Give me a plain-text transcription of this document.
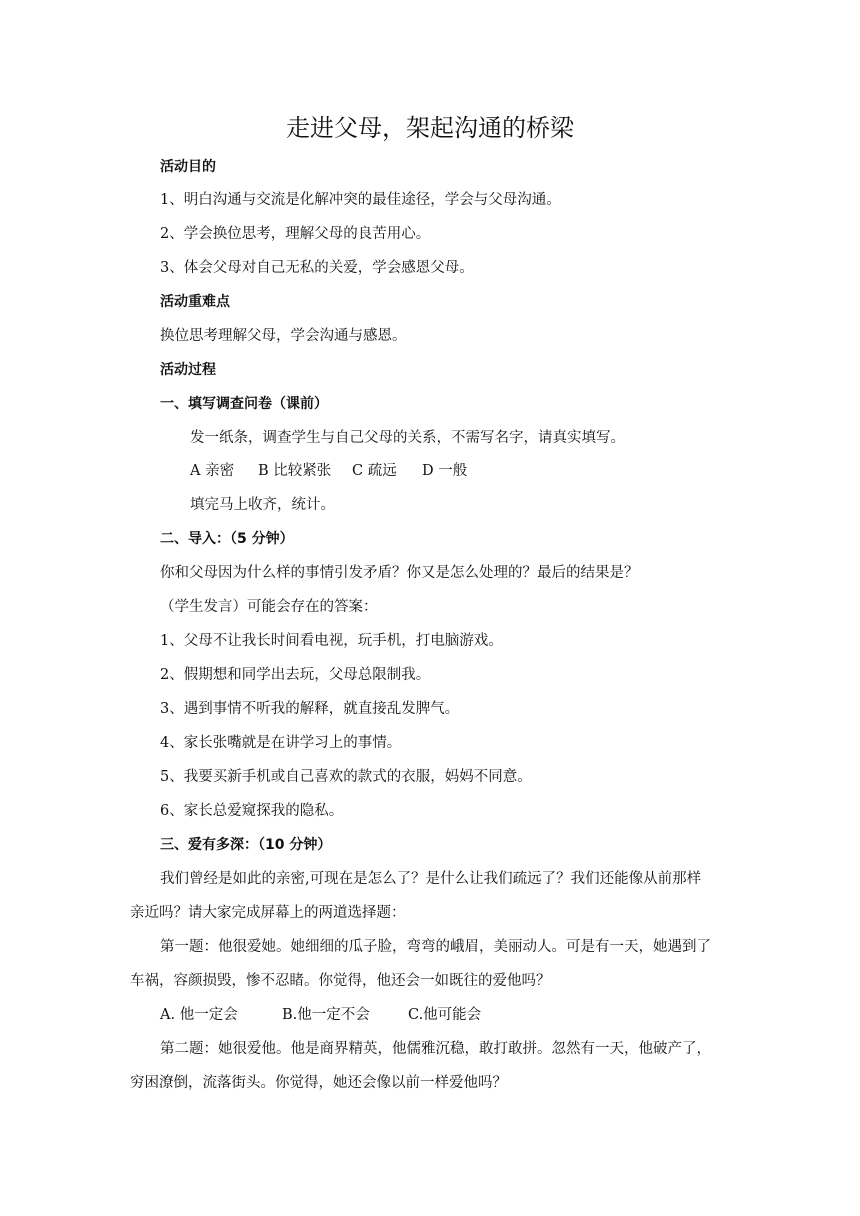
走进父母，架起沟通的桥梁
活动目的
1、明白沟通与交流是化解冲突的最佳途径，学会与父母沟通。
2、学会换位思考，理解父母的良苦用心。
3、体会父母对自己无私的关爱，学会感恩父母。
活动重难点
换位思考理解父母，学会沟通与感恩。
活动过程
一、填写调查问卷（课前）
发一纸条，调查学生与自己父母的关系，不需写名字，请真实填写。
A 亲密 B 比较紧张 C 疏远 D 一般
填完马上收齐，统计。
二、导入：（5 分钟）
你和父母因为什么样的事情引发矛盾？你又是怎么处理的？最后的结果是？
（学生发言）可能会存在的答案：
1、父母不让我长时间看电视，玩手机，打电脑游戏。
2、假期想和同学出去玩，父母总限制我。
3、遇到事情不听我的解释，就直接乱发脾气。
4、家长张嘴就是在讲学习上的事情。
5、我要买新手机或自己喜欢的款式的衣服，妈妈不同意。
6、家长总爱窥探我的隐私。
三、爱有多深：（10 分钟）
我们曾经是如此的亲密,可现在是怎么了？是什么让我们疏远了？我们还能像从前那样
亲近吗？请大家完成屏幕上的两道选择题：
第一题：他很爱她。她细细的瓜子脸，弯弯的峨眉，美丽动人。可是有一天，她遇到了
车祸，容颜损毁，惨不忍睹。你觉得，他还会一如既往的爱他吗？
A. 他一定会	B.他一定不会	C.他可能会
第二题：她很爱他。他是商界精英，他儒雅沉稳，敢打敢拼。忽然有一天，他破产了，
穷困潦倒，流落街头。你觉得，她还会像以前一样爱他吗？
